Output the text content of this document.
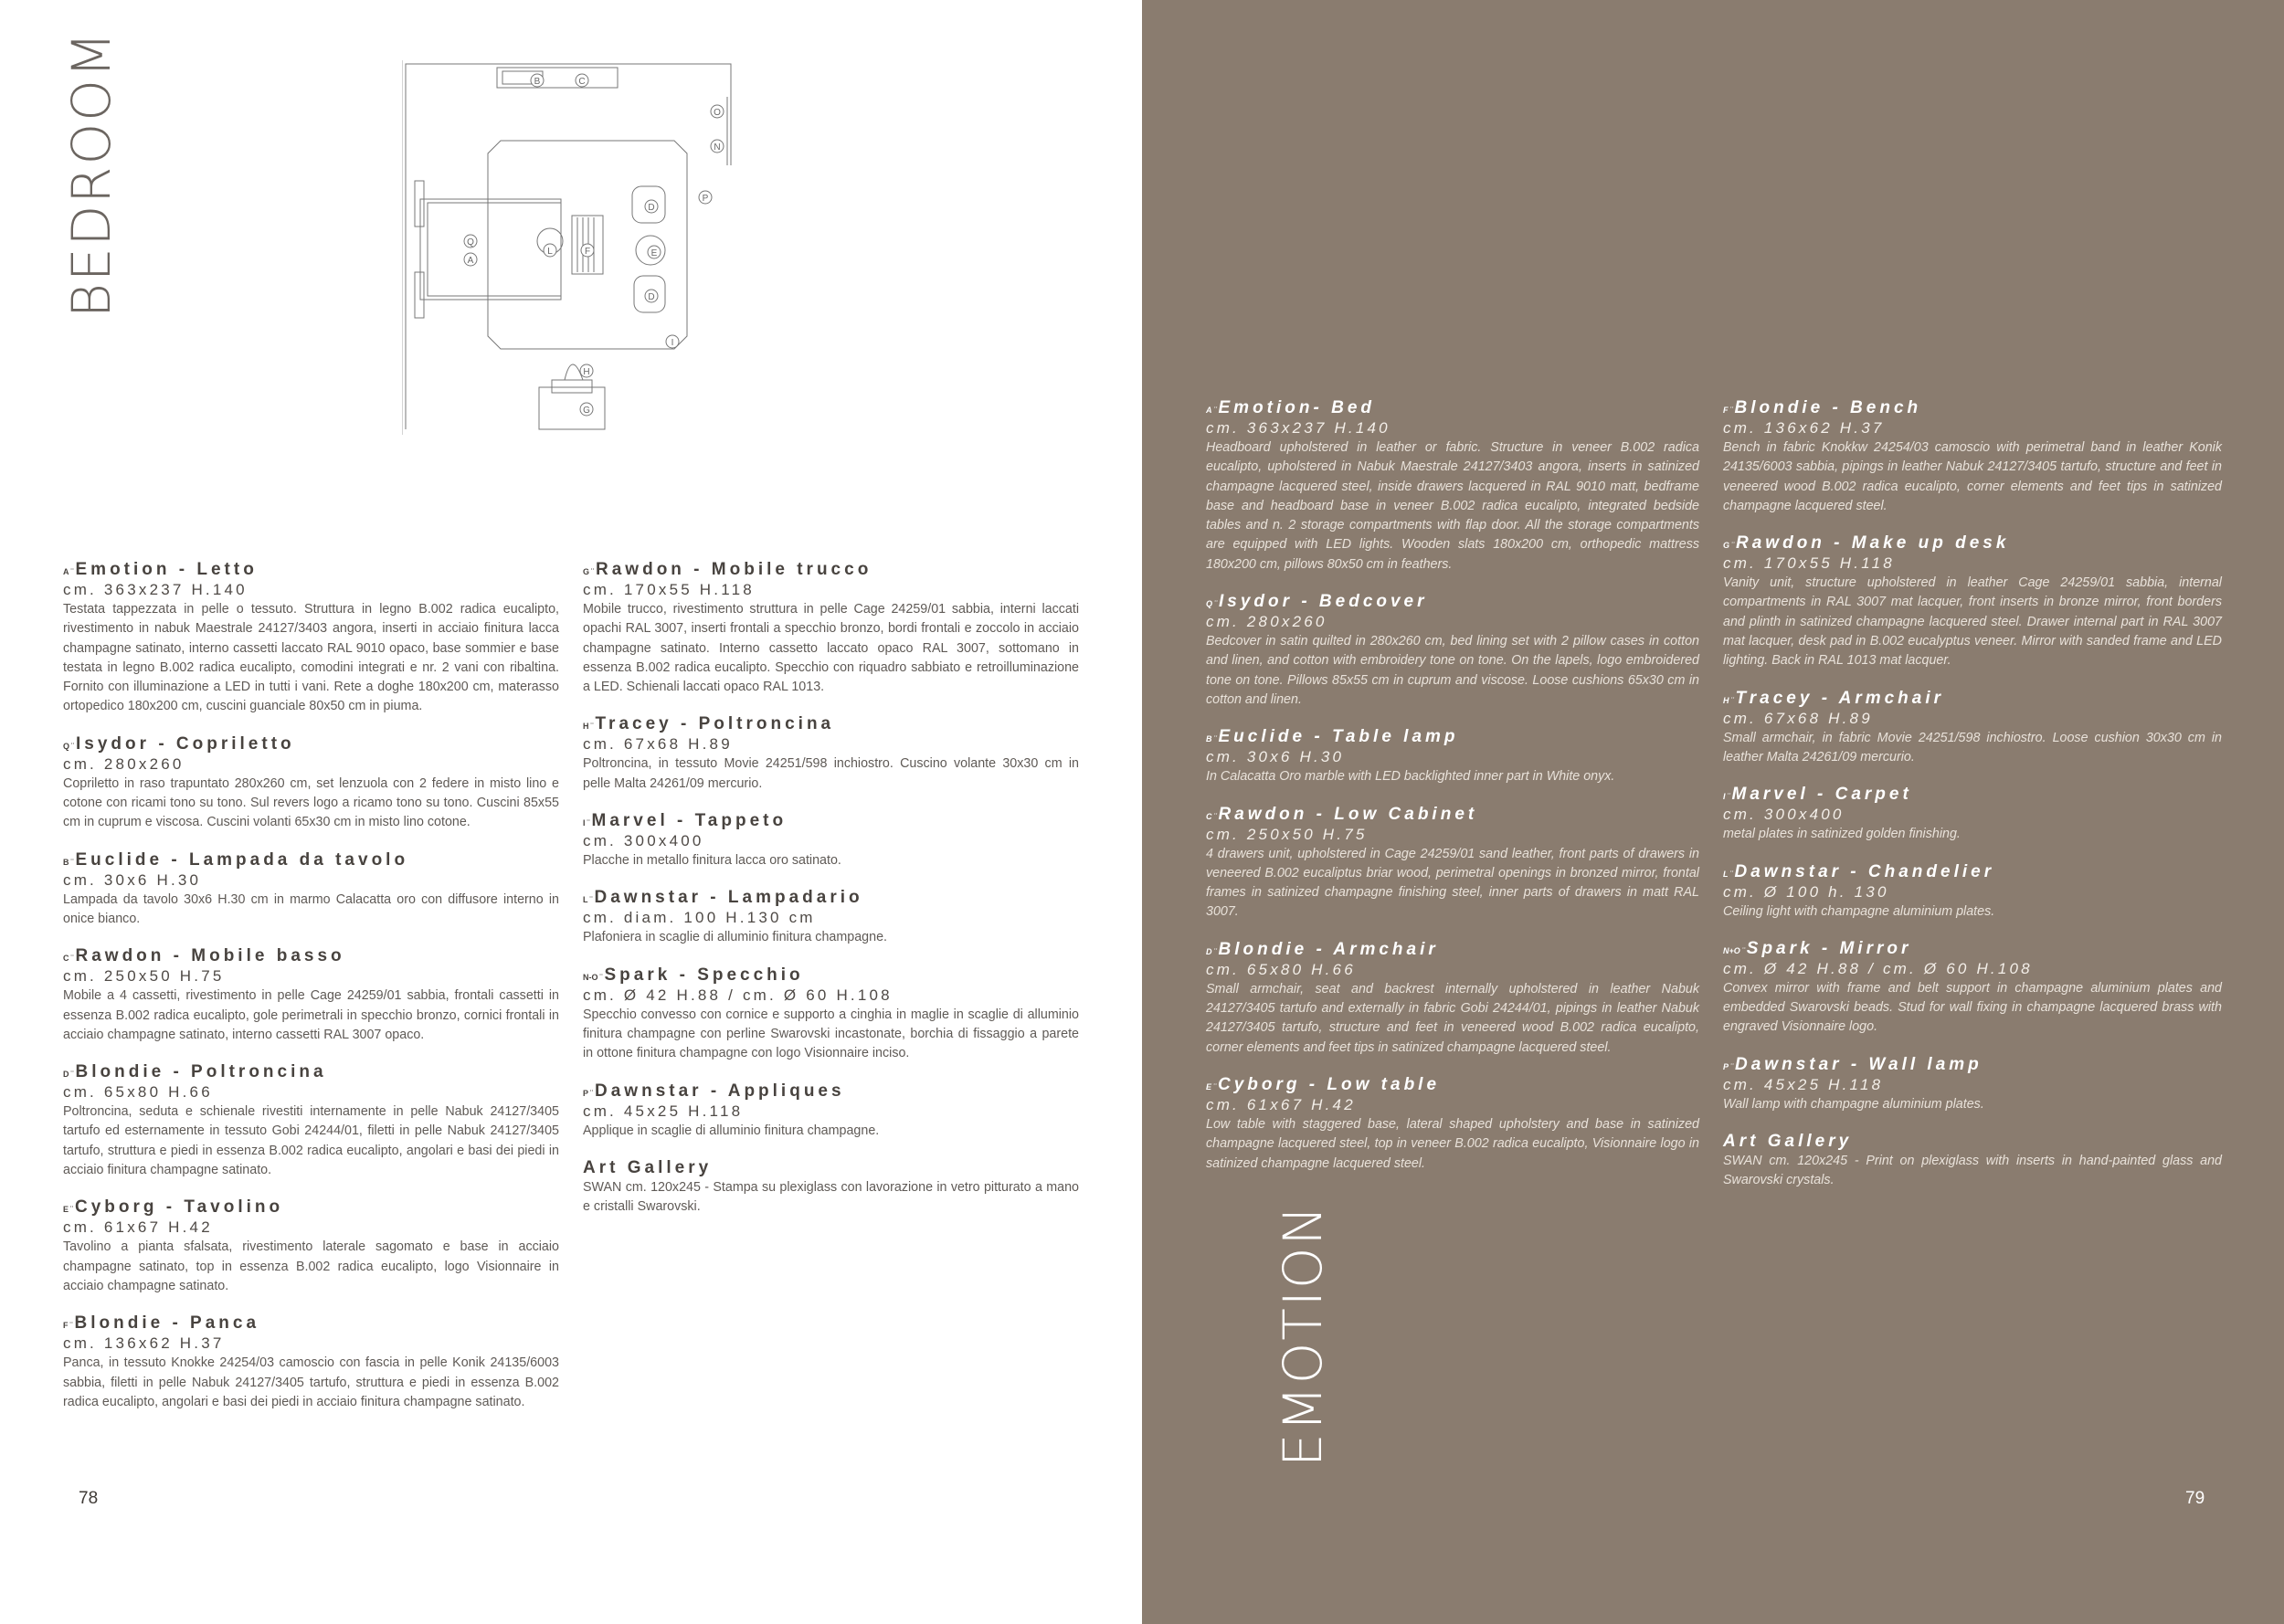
BEDROOM	B	C
O
N
P
Q
A
L	F
D
E
D
I
H
G
A ¨ Emotion - Letto
cm. 363x237 H.140
Testata tappezzata in pelle o tessuto. Struttura in legno B.002 radica eucalipto, rivestimento in nabuk Maestrale 24127/3403 angora, inserti in acciaio finitura lacca champagne satinato, interno cassetti laccato RAL 9010 opaco, base sommier e base testata in legno B.002 radica eucalipto, comodini integrati e nr. 2 vani con ribaltina. Fornito con illuminazione a LED in tutti i vani. Rete a doghe 180x200 cm, materasso ortopedico 180x200 cm, cuscini guanciale 80x50 cm in piuma.
Q ¨ Isydor - Copriletto
cm. 280x260
Copriletto in raso trapuntato 280x260 cm, set lenzuola con 2 federe in misto lino e cotone con ricami tono su tono. Sul revers logo a ricamo tono su tono. Cuscini 85x55 cm in cuprum e viscosa. Cuscini volanti 65x30 cm in misto lino cotone.
B ¨ Euclide - Lampada da tavolo
cm. 30x6 H.30
Lampada da tavolo 30x6 H.30 cm in marmo Calacatta oro con diffusore interno in onice bianco.
C ¨ Rawdon - Mobile basso
cm. 250x50 H.75
Mobile a 4 cassetti, rivestimento in pelle Cage 24259/01 sabbia, frontali cassetti in essenza B.002 radica eucalipto, gole perimetrali in specchio bronzo, cornici frontali in acciaio champagne satinato, interno cassetti RAL 3007 opaco.
D ¨ Blondie - Poltroncina
cm. 65x80 H.66
Poltroncina, seduta e schienale rivestiti internamente in pelle Nabuk 24127/3405 tartufo ed esternamente in tessuto Gobi 24244/01, filetti in pelle Nabuk 24127/3405 tartufo, struttura e piedi in essenza B.002 radica eucalipto, angolari e basi dei piedi in acciaio finitura champagne satinato.
E ¨ Cyborg - Tavolino
cm. 61x67 H.42
Tavolino a pianta sfalsata, rivestimento laterale sagomato e base in acciaio champagne satinato, top in essenza B.002 radica eucalipto, logo Visionnaire in acciaio champagne satinato.
F ¨ Blondie - Panca
cm. 136x62 H.37
Panca, in tessuto Knokke 24254/03 camoscio con fascia in pelle Konik 24135/6003 sabbia, filetti in pelle Nabuk 24127/3405 tartufo, struttura e piedi in essenza B.002 radica eucalipto, angolari e basi dei piedi in acciaio finitura champagne satinato.
G ¨ Rawdon - Mobile trucco
cm. 170x55 H.118
Mobile trucco, rivestimento struttura in pelle Cage 24259/01 sabbia, interni laccati opachi RAL 3007, inserti frontali a specchio bronzo, bordi frontali e zoccolo in acciaio champagne satinato. Interno cassetto laccato opaco RAL 3007, sottomano in essenza B.002 radica eucalipto. Specchio con riquadro sabbiato e retroilluminazione a LED. Schienali laccati opaco RAL 1013.
H ¨ Tracey - Poltroncina
cm. 67x68 H.89
Poltroncina, in tessuto Movie 24251/598 inchiostro. Cuscino volante 30x30 cm in pelle Malta 24261/09 mercurio.
I ¨ Marvel - Tappeto
cm. 300x400
Placche in metallo finitura lacca oro satinato.
L ¨ Dawnstar - Lampadario
cm. diam. 100 H.130 cm
Plafoniera in scaglie di alluminio finitura champagne.
N-O ¨ Spark - Specchio
cm. Ø 42 H.88 / cm. Ø 60 H.108
Specchio convesso con cornice e supporto a cinghia in maglie in scaglie di alluminio finitura champagne con perline Swarovski incastonate, borchia di fissaggio a parete in ottone finitura champagne con logo Visionnaire inciso.
P ¨ Dawnstar - Appliques
cm. 45x25 H.118
Applique in scaglie di alluminio finitura champagne.
Art Gallery
SWAN cm. 120x245 - Stampa su plexiglass con lavorazione in vetro pitturato a mano e cristalli Swarovski.
78
A ¨ Emotion- Bed
cm. 363x237 H.140
Headboard upholstered in leather or fabric. Structure in veneer B.002 radica eucalipto, upholstered in Nabuk Maestrale 24127/3403 angora, inserts in satinized champagne lacquered steel, inside drawers lacquered in RAL 9010 matt, bedframe base and headboard base in veneer B.002 radica eucalipto, integrated bedside tables and n. 2 storage compartments with flap door. All the storage compartments are equipped with LED lights. Wooden slats 180x200 cm, orthopedic mattress 180x200 cm, pillows 80x50 cm in feathers.
Q ¨ Isydor - Bedcover
cm. 280x260
Bedcover in satin quilted in 280x260 cm, bed lining set with 2 pillow cases in cotton and linen, and cotton with embroidery tone on tone. On the lapels, logo embroidered tone on tone. Pillows 85x55 cm in cuprum and viscose. Loose cushions 65x30 cm in cotton and linen.
B ¨ Euclide - Table lamp
cm. 30x6 H.30
In Calacatta Oro marble with LED backlighted inner part in White onyx.
C ¨ Rawdon - Low Cabinet
cm. 250x50 H.75
4 drawers unit, upholstered in Cage 24259/01 sand leather, front parts of drawers in veneered B.002 eucaliptus briar wood, perimetral openings in bronzed mirror, frontal frames in satinized champagne finishing steel, inner parts of drawers in matt RAL 3007.
D ¨ Blondie - Armchair
cm. 65x80 H.66
Small armchair, seat and backrest internally upholstered in leather Nabuk 24127/3405 tartufo and externally in fabric Gobi 24244/01, pipings in leather Nabuk 24127/3405 tartufo, structure and feet in veneered wood B.002 radica eucalipto, corner elements and feet tips in satinized champagne lacquered steel.
E ¨ Cyborg - Low table
cm. 61x67 H.42
Low table with staggered base, lateral shaped upholstery and base in satinized champagne lacquered steel, top in veneer B.002 radica eucalipto, Visionnaire logo in satinized champagne lacquered steel.
F ¨ Blondie - Bench
cm. 136x62 H.37
Bench in fabric Knokkw 24254/03 camoscio with perimetral band in leather Konik 24135/6003 sabbia, pipings in leather Nabuk 24127/3405 tartufo, structure and feet in veneered wood B.002 radica eucalipto, corner elements and feet tips in satinized champagne lacquered steel.
G ¨ Rawdon - Make up desk
cm. 170x55 H.118
Vanity unit, structure upholstered in leather Cage 24259/01 sabbia, internal compartments in RAL 3007 mat lacquer, front inserts in bronze mirror, front borders and plinth in satinized champagne lacquered steel. Drawer internal part in RAL 3007 mat lacquer, desk pad in B.002 eucalyptus veneer. Mirror with sanded frame and LED lighting. Back in RAL 1013 mat lacquer.
H ¨ Tracey - Armchair
cm. 67x68 H.89
Small armchair, in fabric Movie 24251/598 inchiostro. Loose cushion 30x30 cm in leather Malta 24261/09 mercurio.
I ¨ Marvel - Carpet
cm. 300x400
metal plates in satinized golden finishing.
L ¨ Dawnstar - Chandelier
cm. Ø 100 h. 130
Ceiling light with champagne aluminium plates.
N+O ¨ Spark - Mirror
cm. Ø 42 H.88 / cm. Ø 60 H.108
Convex mirror with frame and belt support in champagne aluminium plates and embedded Swarovski beads. Stud for wall fixing in champagne lacquered brass with engraved Visionnaire logo.
P ¨ Dawnstar - Wall lamp
cm. 45x25 H.118
Wall lamp with champagne aluminium plates.
Art Gallery
SWAN cm. 120x245 - Print on plexiglass with inserts in hand-painted glass and Swarovski crystals.
EMOTION
79
